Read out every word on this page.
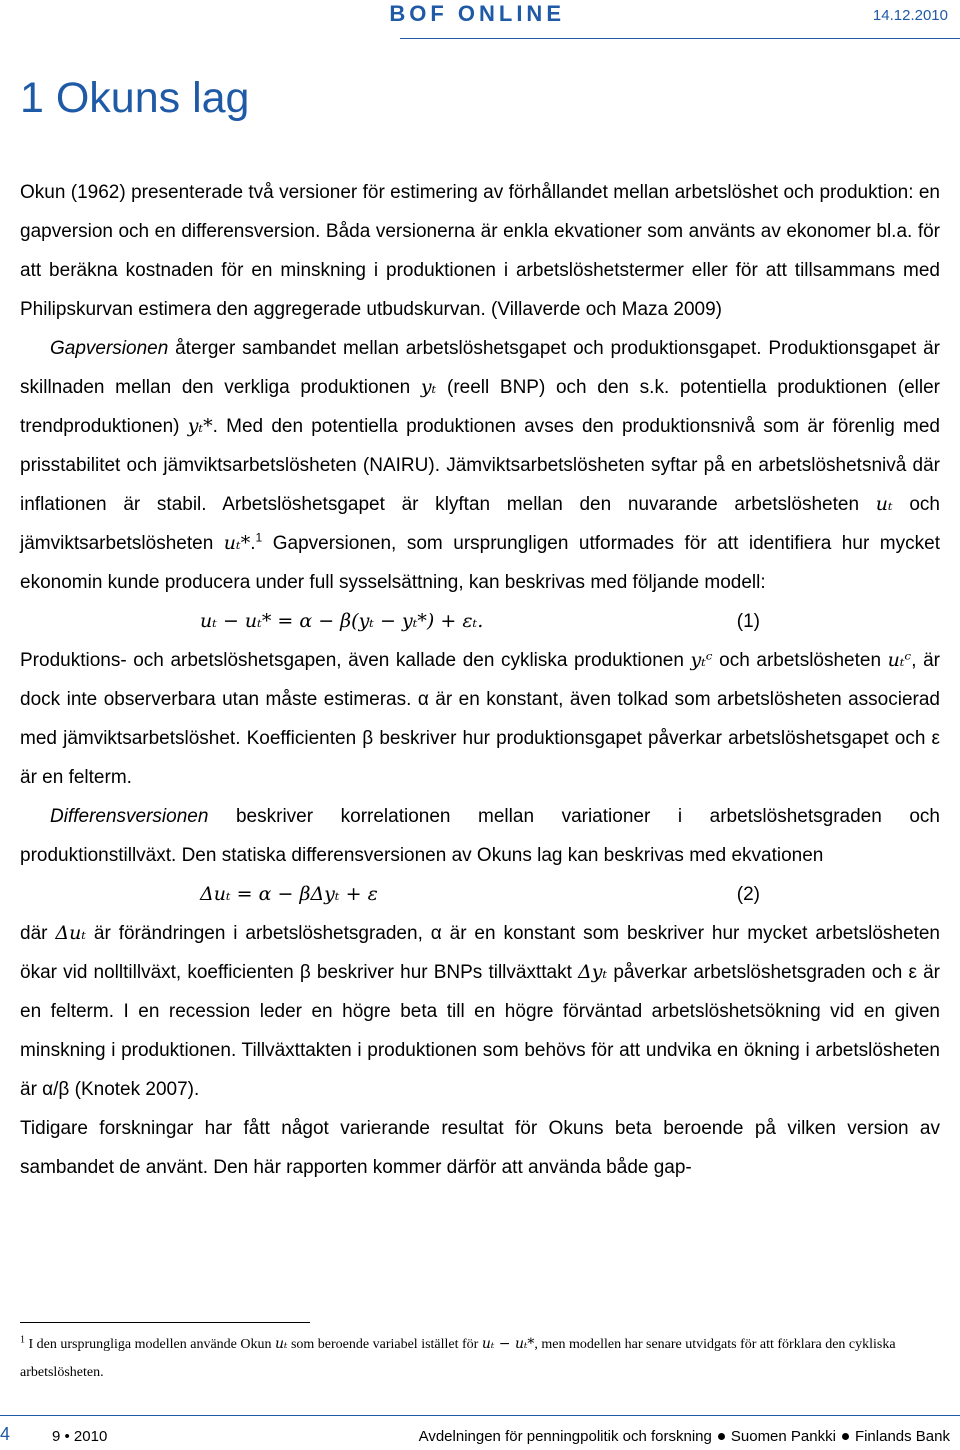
BOF ONLINE	14.12.2010
1 Okuns lag

Okun (1962) presenterade två versioner för estimering av förhållandet mellan arbetslöshet och produktion: en gapversion och en differensversion. Båda versionerna är enkla ekvationer som använts av ekonomer bl.a. för att beräkna kostnaden för en minskning i produktionen i arbetslöshetstermer eller för att tillsammans med Philipskurvan estimera den aggregerade utbudskurvan. (Villaverde och Maza 2009)

Gapversionen återger sambandet mellan arbetslöshetsgapet och produktionsgapet. Produktionsgapet är skillnaden mellan den verkliga produktionen yₜ (reell BNP) och den s.k. potentiella produktionen (eller trendproduktionen) yₜ*. Med den potentiella produktionen avses den produktionsnivå som är förenlig med prisstabilitet och jämviktsarbetslösheten (NAIRU). Jämviktsarbetslösheten syftar på en arbetslöshetsnivå där inflationen är stabil. Arbetslöshetsgapet är klyftan mellan den nuvarande arbetslösheten uₜ och jämviktsarbetslösheten uₜ*.$^1$ Gapversionen, som ursprungligen utformades för att identifiera hur mycket ekonomin kunde producera under full sysselsättning, kan beskrivas med följande modell:

uₜ − uₜ* = α − β(yₜ − yₜ*) + εₜ.	(1)

Produktions- och arbetslöshetsgapen, även kallade den cykliska produktionen yₜᶜ och arbetslösheten uₜᶜ, är dock inte observerbara utan måste estimeras. α är en konstant, även tolkad som arbetslösheten associerad med jämviktsarbetslöshet. Koefficienten β beskriver hur produktionsgapet påverkar arbetslöshetsgapet och ε är en felterm.

Differensversionen beskriver korrelationen mellan variationer i arbetslöshetsgraden och produktionstillväxt. Den statiska differensversionen av Okuns lag kan beskrivas med ekvationen

Δuₜ = α − βΔyₜ + ε	(2)

där Δuₜ är förändringen i arbetslöshetsgraden, α är en konstant som beskriver hur mycket arbetslösheten ökar vid nolltillväxt, koefficienten β beskriver hur BNPs tillväxttakt Δyₜ påverkar arbetslöshetsgraden och ε är en felterm. I en recession leder en högre beta till en högre förväntad arbetslöshetsökning vid en given minskning i produktionen. Tillväxttakten i produktionen som behövs för att undvika en ökning i arbetslösheten är α/β (Knotek 2007).

Tidigare forskningar har fått något varierande resultat för Okuns beta beroende på vilken version av sambandet de använt. Den här rapporten kommer därför att använda både gap-

$^1$ I den ursprungliga modellen använde Okun uₜ som beroende variabel istället för uₜ − uₜ*, men modellen har senare utvidgats för att förklara den cykliska arbetslösheten.
4	9 • 2010	Avdelningen för penningpolitik och forskning Suomen Pankki Finlands Bank
